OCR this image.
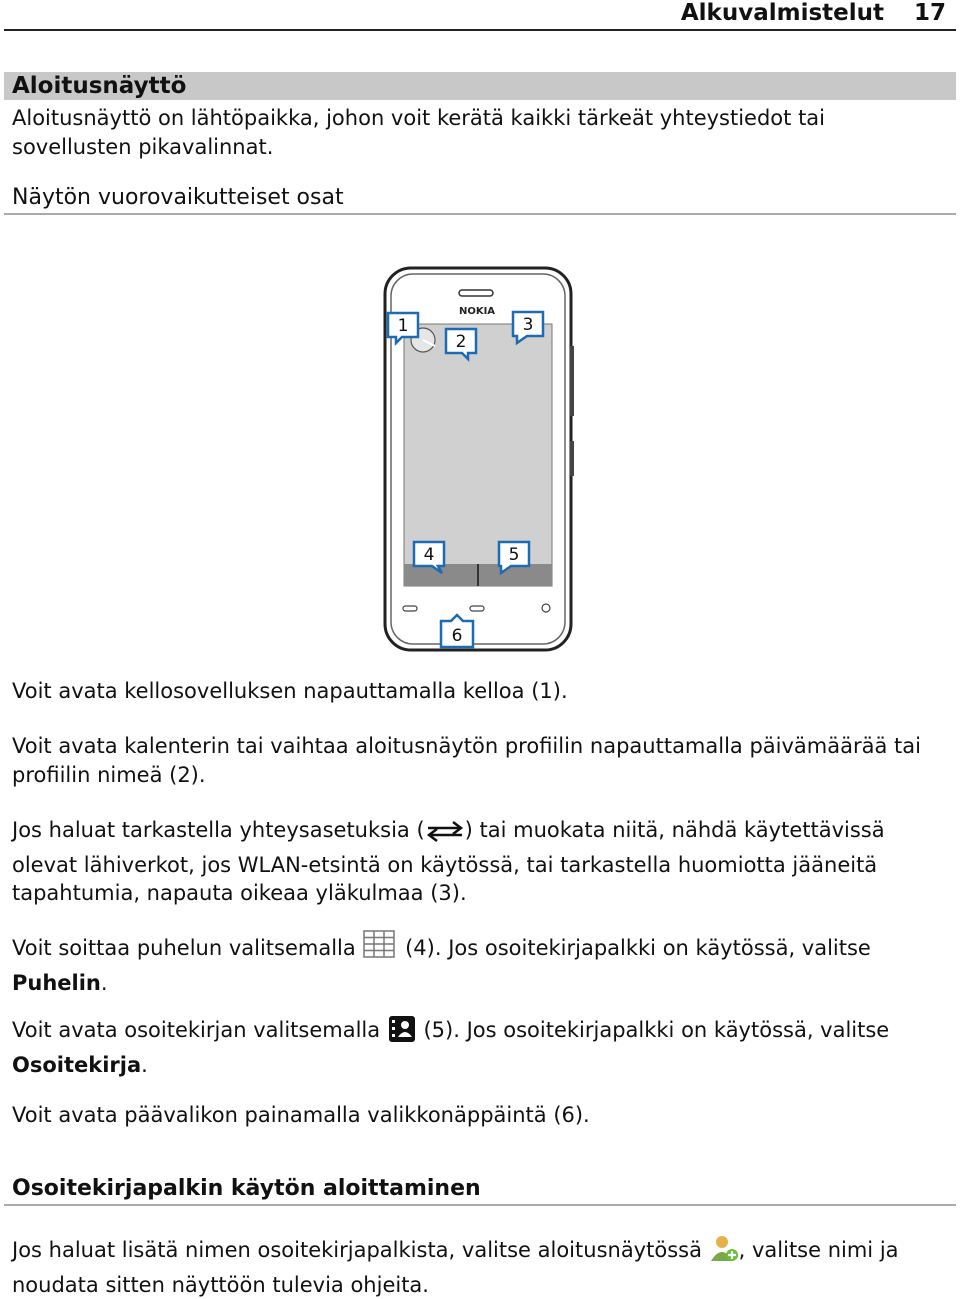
Alkuvalmistelut 17
Aloitusnäyttö

Aloitusnäyttö on lähtöpaikka, johon voit kerätä kaikki tärkeät yhteystiedot tai sovellusten pikavalinnat.

Näytön vuorovaikutteiset osat
NOKIA
1
2
3
4	5
6

Voit avata kellosovelluksen napauttamalla kelloa (1).

Voit avata kalenterin tai vaihtaa aloitusnäytön profiilin napauttamalla päivämäärää tai profiilin nimeä (2).

Jos haluat tarkastella yhteysasetuksia ( ) tai muokata niitä, nähdä käytettävissä olevat lähiverkot, jos WLAN-etsintä on käytössä, tai tarkastella huomiotta jääneitä tapahtumia, napauta oikeaa yläkulmaa (3).

Voit soittaa puhelun valitsemalla  (4). Jos osoitekirjapalkki on käytössä, valitse Puhelin.

Voit avata osoitekirjan valitsemalla  (5). Jos osoitekirjapalkki on käytössä, valitse Osoitekirja.

Voit avata päävalikon painamalla valikkonäppäintä (6).

Osoitekirjapalkin käytön aloittaminen

Jos haluat lisätä nimen osoitekirjapalkista, valitse aloitusnäytössä , valitse nimi ja noudata sitten näyttöön tulevia ohjeita.
